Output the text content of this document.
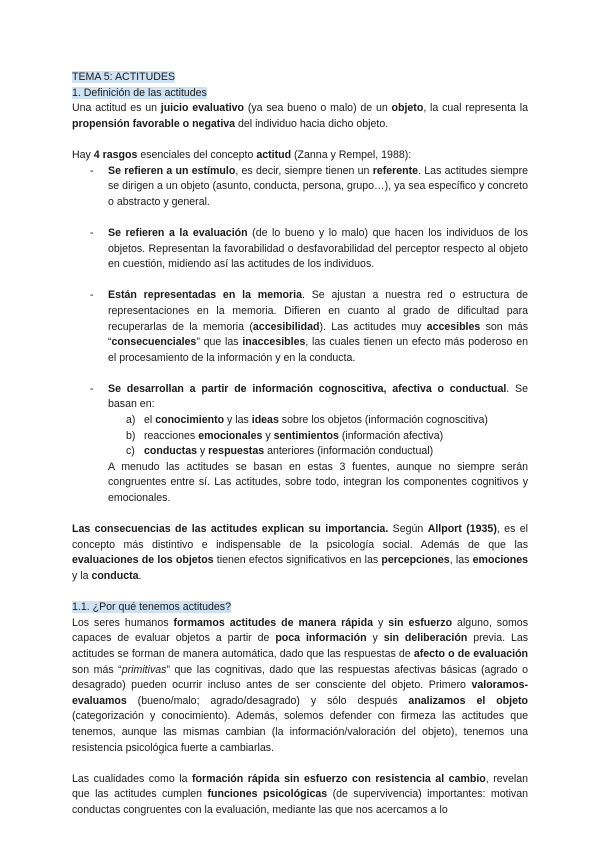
TEMA 5: ACTITUDES

1. Definición de las actitudes

Una actitud es un juicio evaluativo (ya sea bueno o malo) de un objeto, la cual representa la propensión favorable o negativa del individuo hacia dicho objeto.

Hay 4 rasgos esenciales del concepto actitud (Zanna y Rempel, 1988):

-	Se refieren a un estímulo, es decir, siempre tienen un referente. Las actitudes siempre se dirigen a un objeto (asunto, conducta, persona, grupo…), ya sea específico y concreto o abstracto y general.
-	Se refieren a la evaluación (de lo bueno y lo malo) que hacen los individuos de los objetos. Representan la favorabilidad o desfavorabilidad del perceptor respecto al objeto en cuestión, midiendo así las actitudes de los individuos.
-	Están representadas en la memoria. Se ajustan a nuestra red o estructura de representaciones en la memoria. Difieren en cuanto al grado de dificultad para recuperarlas de la memoria (accesibilidad). Las actitudes muy accesibles son más “consecuenciales” que las inaccesibles, las cuales tienen un efecto más poderoso en el procesamiento de la información y en la conducta.
-	Se desarrollan a partir de información cognoscitiva, afectiva o conductual. Se basan en:
a) el conocimiento y las ideas sobre los objetos (información cognoscitiva)
b) reacciones emocionales y sentimientos (información afectiva)
c) conductas y respuestas anteriores (información conductual)

A menudo las actitudes se basan en estas 3 fuentes, aunque no siempre serán congruentes entre sí. Las actitudes, sobre todo, integran los componentes cognitivos y emocionales.

Las consecuencias de las actitudes explican su importancia. Según Allport (1935), es el concepto más distintivo e indispensable de la psicología social. Además de que las evaluaciones de los objetos tienen efectos significativos en las percepciones, las emociones y la conducta.

1.1. ¿Por qué tenemos actitudes?

Los seres humanos formamos actitudes de manera rápida y sin esfuerzo alguno, somos capaces de evaluar objetos a partir de poca información y sin deliberación previa. Las actitudes se forman de manera automática, dado que las respuestas de afecto o de evaluación son más “primitivas” que las cognitivas, dado que las respuestas afectivas básicas (agrado o desagrado) pueden ocurrir incluso antes de ser consciente del objeto. Primero valoramos-evaluamos (bueno/malo; agrado/desagrado) y sólo después analizamos el objeto (categorización y conocimiento). Además, solemos defender con firmeza las actitudes que tenemos, aunque las mismas cambian (la información/valoración del objeto), tenemos una resistencia psicológica fuerte a cambiarlas.

Las cualidades como la formación rápida sin esfuerzo con resistencia al cambio, revelan que las actitudes cumplen funciones psicológicas (de supervivencia) importantes: motivan conductas congruentes con la evaluación, mediante las que nos acercamos a lo
